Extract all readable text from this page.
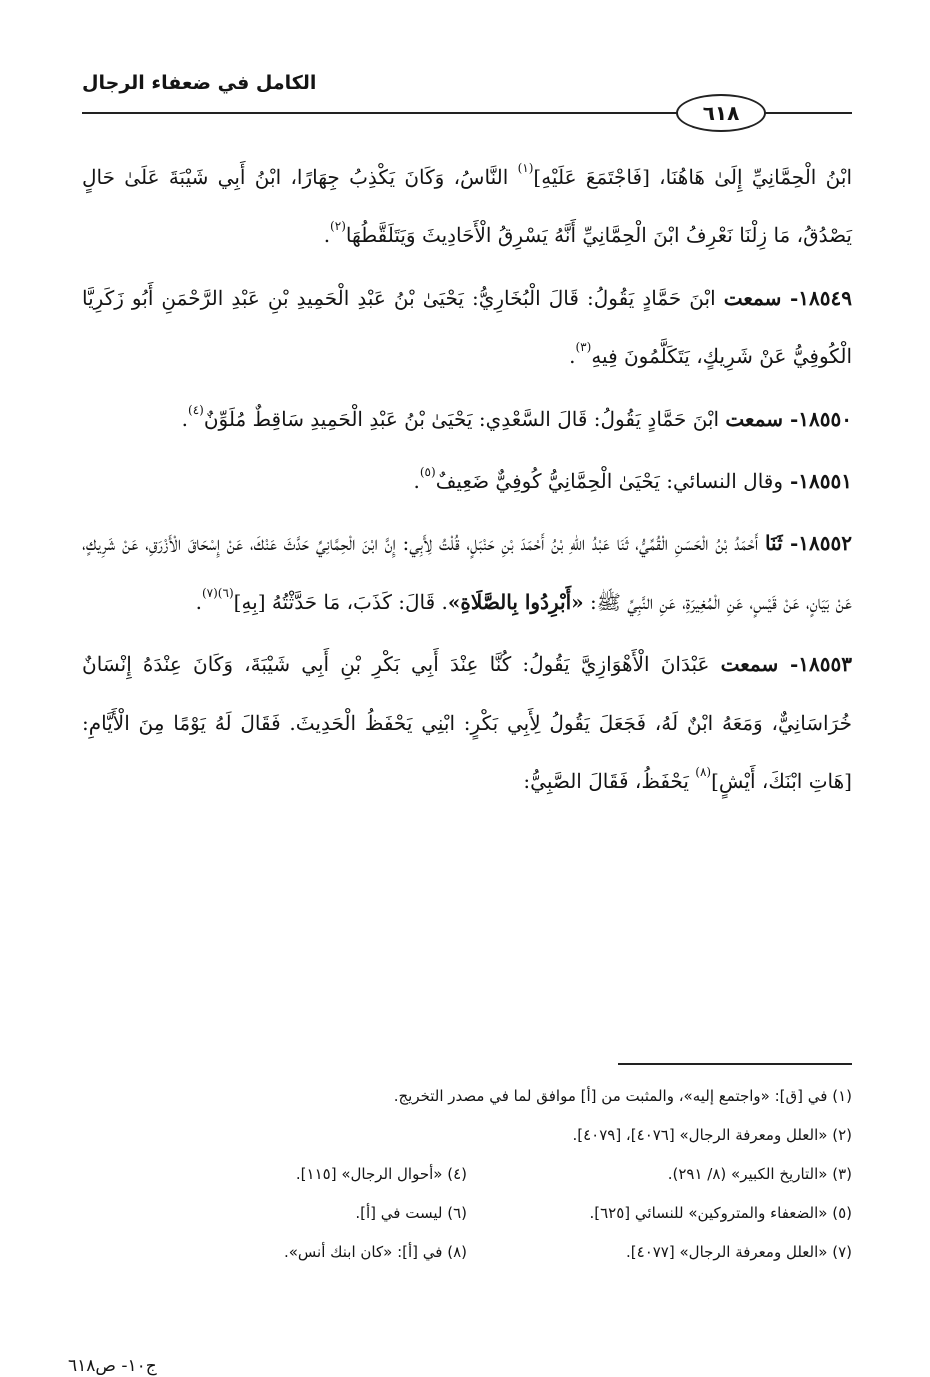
الكامل في ضعفاء الرجال
٦١٨

ابْنُ الْحِمَّانِيِّ إِلَىٰ هَاهُنَا، [فَاجْتَمَعَ عَلَيْهِ]$^{(١)}$ النَّاسُ، وَكَانَ يَكْذِبُ جِهَارًا، ابْنُ أَبِي شَيْبَةَ عَلَىٰ حَالٍ يَصْدُقُ، مَا زِلْنَا نَعْرِفُ ابْنَ الْحِمَّانِيِّ أَنَّهُ يَسْرِقُ الْأَحَادِيثَ وَيَتَلَقَّطُهَا$^{(٢)}$.

١٨٥٤٩- سمعت ابْنَ حَمَّادٍ يَقُولُ: قَالَ الْبُخَارِيُّ: يَحْيَىٰ بْنُ عَبْدِ الْحَمِيدِ بْنِ عَبْدِ الرَّحْمَنِ أَبُو زَكَرِيَّا الْكُوفِيُّ عَنْ شَرِيكٍ، يَتَكَلَّمُونَ فِيهِ$^{(٣)}$.

١٨٥٥٠- سمعت ابْنَ حَمَّادٍ يَقُولُ: قَالَ السَّعْدِي: يَحْيَىٰ بْنُ عَبْدِ الْحَمِيدِ سَاقِطٌ مُلَوِّنٌ$^{(٤)}$.

١٨٥٥١- وقال النسائي: يَحْيَىٰ الْحِمَّانِيُّ كُوفِيٌّ ضَعِيفٌ$^{(٥)}$.

١٨٥٥٢- ثَنَا أَحْمَدُ بْنُ الْحَسَنِ الْقُمِّيُّ، ثَنَا عَبْدُ اللهِ بْنُ أَحْمَدَ بْنِ حَنْبَلٍ، قُلْتُ لِأَبِي: إِنَّ ابْنَ الْحِمَّانِيِّ حَدَّثَ عَنْكَ، عَنْ إِسْحَاقَ الْأَزْرَقِ، عَنْ شَرِيكٍ، عَنْ بَيَانٍ، عَنْ قَيْسٍ، عَنِ الْمُغِيرَةِ، عَنِ النَّبِيِّ ﷺ: «أَبْرِدُوا بِالصَّلَاةِ». قَالَ: كَذَبَ، مَا حَدَّثْتُهُ [بِهِ]$^{(٦)(٧)}$.

١٨٥٥٣- سمعت عَبْدَانَ الْأَهْوَازِيَّ يَقُولُ: كُنَّا عِنْدَ أَبِي بَكْرِ بْنِ أَبِي شَيْبَةَ، وَكَانَ عِنْدَهُ إِنْسَانٌ خُرَاسَانِيٌّ، وَمَعَهُ ابْنٌ لَهُ، فَجَعَلَ يَقُولُ لِأَبِي بَكْرٍ: ابْنِي يَحْفَظُ الْحَدِيثَ. فَقَالَ لَهُ يَوْمًا مِنَ الْأَيَّامِ: [هَاتِ ابْنَكَ، أَيْشٍ]$^{(٨)}$ يَحْفَظُ، فَقَالَ الصَّبِيُّ:

(١) في [ق]: «واجتمع إليه»، والمثبت من [أ] موافق لما في مصدر التخريج.
(٢) «العلل ومعرفة الرجال» [٤٠٧٦]، [٤٠٧٩].
(٣) «التاريخ الكبير» (٨/ ٢٩١).
(٤) «أحوال الرجال» [١١٥].
(٥) «الضعفاء والمتروكين» للنسائي [٦٢٥].
(٦) ليست في [أ].
(٧) «العلل ومعرفة الرجال» [٤٠٧٧].
(٨) في [أ]: «كان ابنك أنس».
ج١٠- ص٦١٨
